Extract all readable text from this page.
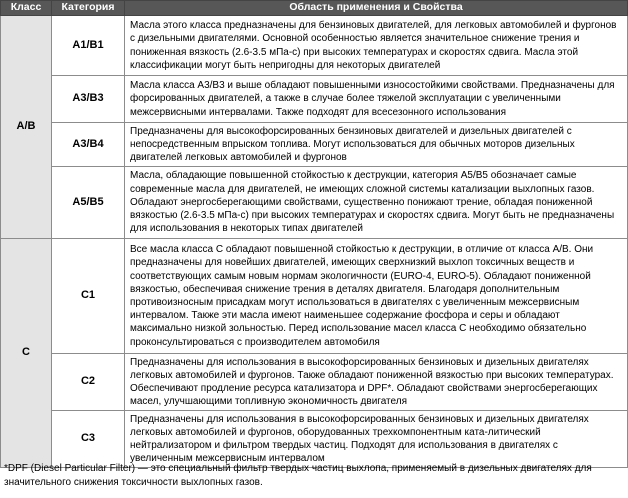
Класс	Категория	Область применения и Свойства
A/B	A1/B1	Масла этого класса предназначены для бензиновых двигателей, для легковых автомобилей и фургонов с дизельными двигателями. Основной особенностью является значительное снижение трения и пониженная вязкость (2.6-3.5 мПа-с) при высоких температурах и скоростях сдвига. Масла этой классификации могут быть непригодны для некоторых двигателей
	A3/B3	Масла класса A3/B3 и выше обладают повышенными износостойкими свойствами. Предназначены для форсированных двигателей, а также в случае более тяжелой эксплуатации с увеличенными межсервисными интервалами. Также подходят для всесезонного использования
	A3/B4	Предназначены для высокофорсированных бензиновых двигателей и дизельных двигателей с непосредственным впрыском топлива. Могут использоваться для обычных моторов дизельных двигателей легковых автомобилей и фургонов
	A5/B5	Масла, обладающие повышенной стойкостью к деструкции, категория A5/B5 обозначает самые современные масла для двигателей, не имеющих сложной системы катализации выхлопных газов. Обладают энергосберегающими свойствами, существенно понижают трение, обладая пониженной вязкостью (2.6-3.5 мПа-с) при высоких температурах и скоростях сдвига. Могут быть не предназначены для использования в некоторых типах двигателей
C	C1	Все масла класса С обладают повышенной стойкостью к деструкции, в отличие от класса A/B. Они предназначены для новейших двигателей, имеющих сверхнизкий выхлоп токсичных веществ и соответствующих самым новым нормам экологичности (EURO-4, EURO-5). Обладают пониженной вязкостью, обеспечивая снижение трения в деталях двигателя. Благодаря дополнительным противоизносным присадкам могут использоваться в двигателях с увеличенным межсервисным интервалом. Также эти масла имеют наименьшее содержание фосфора и серы и обладают максимально низкой зольностью. Перед использование масел класса С необходимо обязательно проконсультироваться с производителем автомобиля
	C2	Предназначены для использования в высокофорсированных бензиновых и дизельных двигателях легковых автомобилей и фургонов. Также обладают пониженной вязкостью при высоких температурах. Обеспечивают продление ресурса катализатора и DPF*. Обладают свойствами энергосберегающих масел, улучшающими топливную экономичность двигателя
	C3	Предназначены для использования в высокофорсированных бензиновых и дизельных двигателях легковых автомобилей и фургонов, оборудованных трехкомпонентным ката-литический нейтрализатором и фильтром твердых частиц. Подходят для использования в двигателях с увеличенным межсервисным интервалом
*DPF (Diesel Particular Filter) — это специальный фильтр твердых частиц выхлопа, применяемый в дизельных двигателях для значительного снижения токсичности выхлопных газов.
